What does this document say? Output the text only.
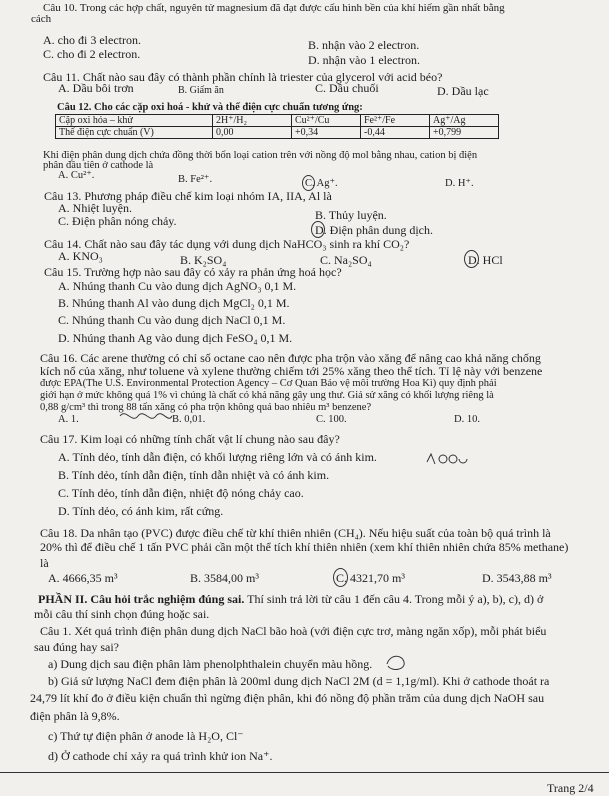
Câu 10. Trong các hợp chất, nguyên tử magnesium đã đạt được cấu hình bền của khí hiếm gần nhất bằng
cách
A. cho đi 3 electron.	B. nhận vào 2 electron.
C. cho đi 2 electron.	D. nhận vào 1 electron.
Câu 11. Chất nào sau đây có thành phần chính là triester của glycerol với acid béo?
A. Dầu bôi trơn	B. Giấm ăn	C. Dầu chuối	D. Dầu lạc
Câu 12. Cho các cặp oxi hoá - khử và thế điện cực chuẩn tương ứng:
Cặp oxi hóa – khử	2H⁺/H₂	Cu²⁺/Cu	Fe²⁺/Fe	Ag⁺/Ag
Thế điện cực chuẩn (V)	0,00	+0,34	-0,44	+0,799
Khi điện phân dung dịch chứa đồng thời bốn loại cation trên với nồng độ mol bằng nhau, cation bị điện
phân đầu tiên ở cathode là
A. Cu²⁺.	B. Fe²⁺.	C. Ag⁺.	D. H⁺.
Câu 13. Phương pháp điều chế kim loại nhóm IA, IIA, Al là
A. Nhiệt luyện.	B. Thủy luyện.
C. Điện phân nóng chảy.
D. Điện phân dung dịch.
Câu 14. Chất nào sau đây tác dụng với dung dịch NaHCO₃ sinh ra khí CO₂?
A. KNO₃	B. K₂SO₄	C. Na₂SO₄	D. HCl
Câu 15. Trường hợp nào sau đây có xảy ra phản ứng hoá học?
A. Nhúng thanh Cu vào dung dịch AgNO₃ 0,1 M.
B. Nhúng thanh Al vào dung dịch MgCl₂ 0,1 M.
C. Nhúng thanh Cu vào dung dịch NaCl 0,1 M.
D. Nhúng thanh Ag vào dung dịch FeSO₄ 0,1 M.
Câu 16. Các arene thường có chỉ số octane cao nên được pha trộn vào xăng để nâng cao khả năng chống
kích nổ của xăng, như toluene và xylene thường chiếm tới 25% xăng theo thể tích. Tỉ lệ này với benzene
được EPA(The U.S. Environmental Protection Agency – Cơ Quan Bảo vệ môi trường Hoa Kì) quy định phải
giới hạn ở mức không quá 1% vì chúng là chất có khả năng gây ung thư. Giả sử xăng có khối lượng riêng là
0,88 g/cm³ thì trong 88 tấn xăng có pha trộn không quá bao nhiêu m³ benzene?
A. 1.	B. 0,01.	C. 100.	D. 10.
Câu 17. Kim loại có những tính chất vật lí chung nào sau đây?
A. Tính dẻo, tính dẫn điện, có khối lượng riêng lớn và có ánh kim.
B. Tính dẻo, tính dẫn điện, tính dẫn nhiệt và có ánh kim.
C. Tính dẻo, tính dẫn điện, nhiệt độ nóng chảy cao.
D. Tính dẻo, có ánh kim, rất cứng.
Câu 18. Da nhân tạo (PVC) được điều chế từ khí thiên nhiên (CH₄). Nếu hiệu suất của toàn bộ quá trình là
20% thì để điều chế 1 tấn PVC phải cần một thể tích khí thiên nhiên (xem khí thiên nhiên chứa 85% methane)
là
A. 4666,35 m³	B. 3584,00 m³	C. 4321,70 m³	D. 3543,88 m³
PHẦN II. Câu hỏi trắc nghiệm đúng sai. Thí sinh trả lời từ câu 1 đến câu 4. Trong mỗi ý a), b), c), d) ở
mỗi câu thí sinh chọn đúng hoặc sai.
Câu 1. Xét quá trình điện phân dung dịch NaCl bão hoà (với điện cực trơ, màng ngăn xốp), mỗi phát biểu
sau đúng hay sai?
a) Dung dịch sau điện phân làm phenolphthalein chuyển màu hồng.
b) Giả sử lượng NaCl đem điện phân là 200ml dung dịch NaCl 2M (d = 1,1g/ml). Khi ở cathode thoát ra
24,79 lít khí đo ở điều kiện chuẩn thì ngừng điện phân, khi đó nồng độ phần trăm của dung dịch NaOH sau
điện phân là 9,8%.
c) Thứ tự điện phân ở anode là H₂O, Cl⁻
d) Ở cathode chỉ xảy ra quá trình khử ion Na⁺.
Trang 2/4
